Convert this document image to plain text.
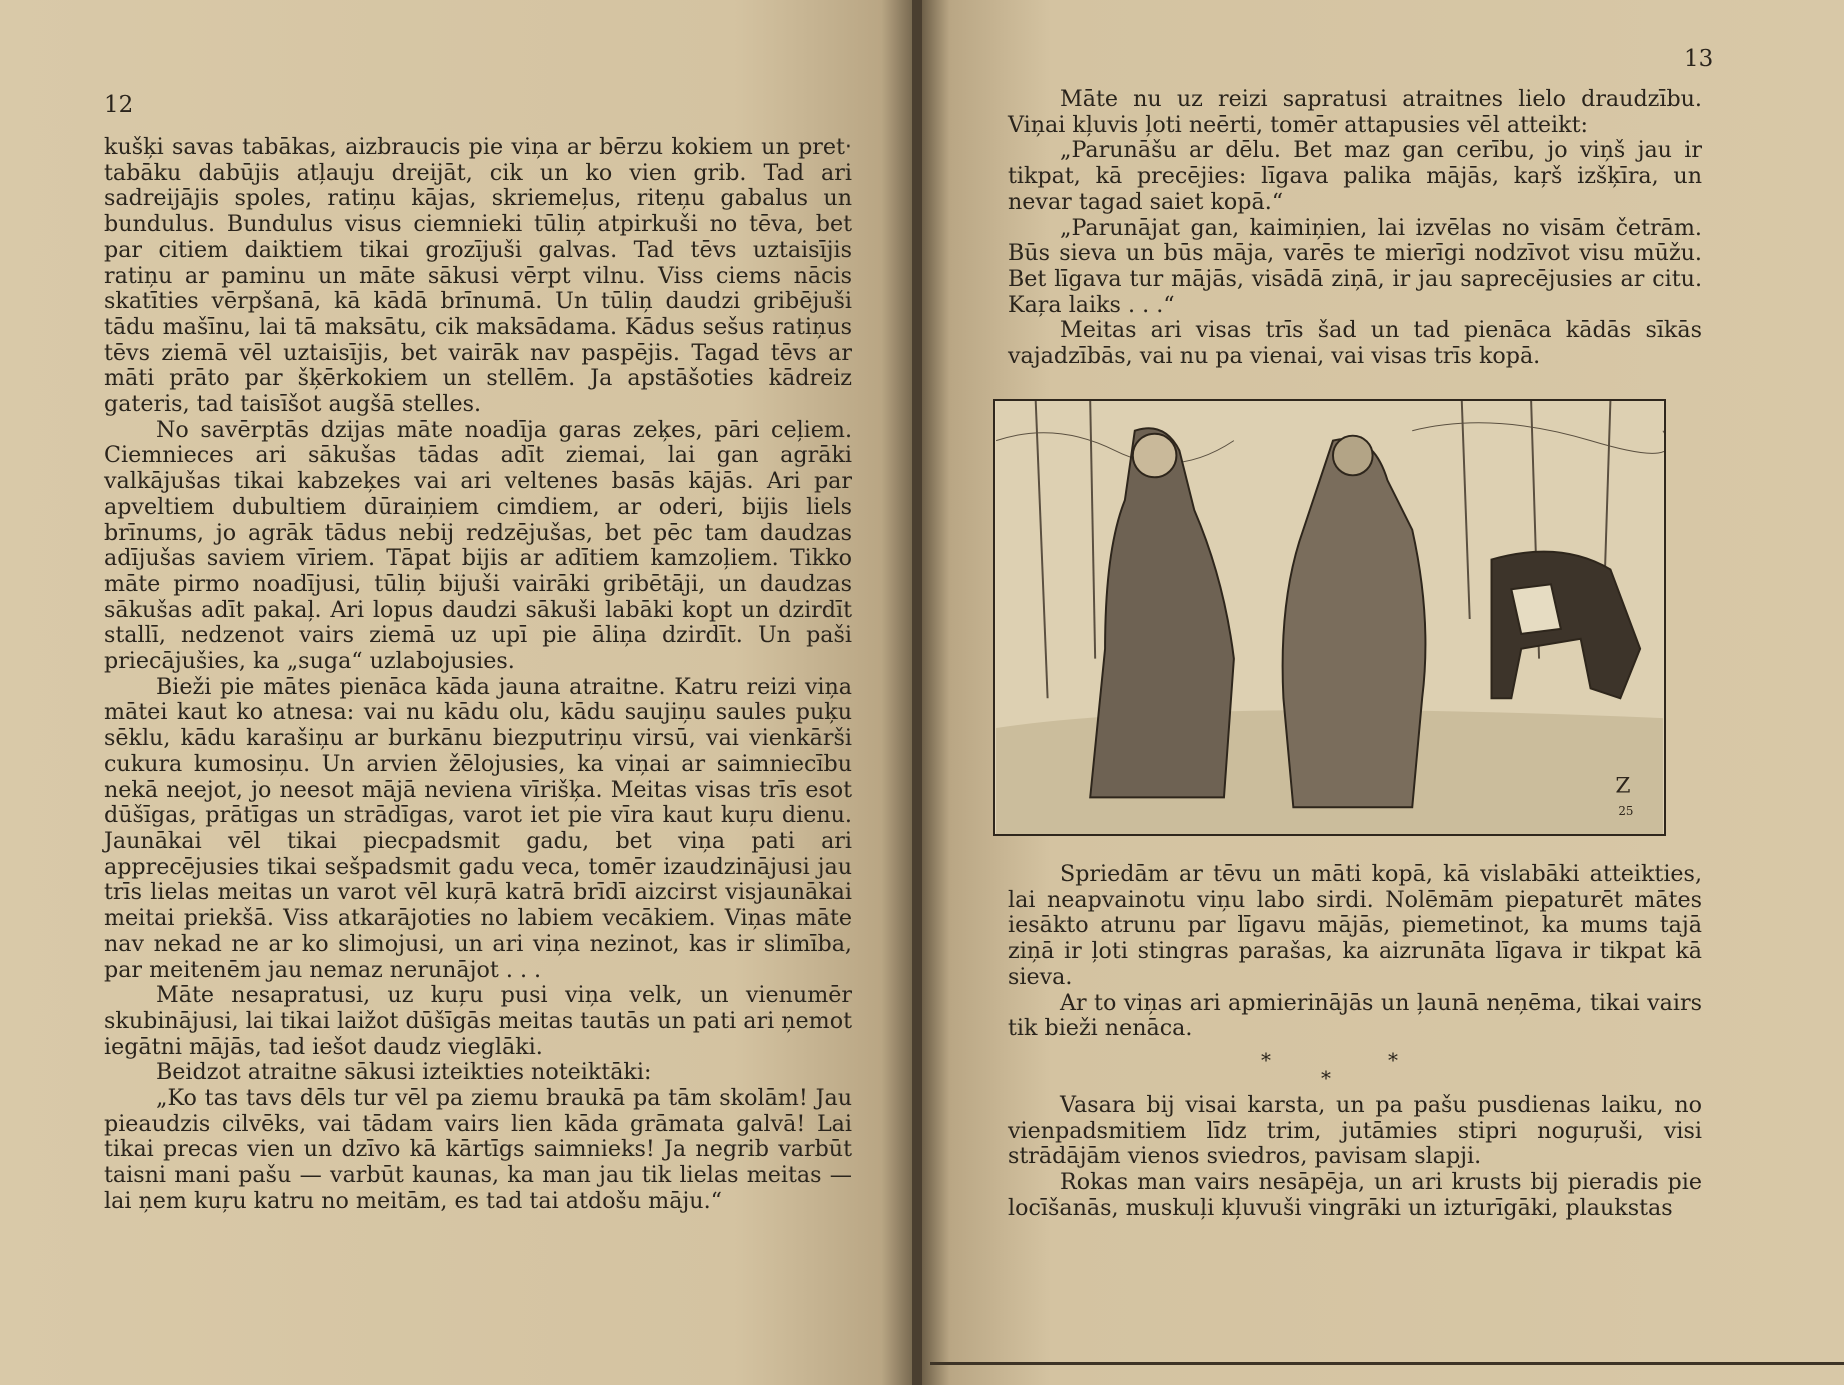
12

kušķi savas tabākas, aizbraucis pie viņa ar bērzu kokiem un pret‧tabāku dabūjis atļauju dreijāt, cik un ko vien grib. Tad ari sadreijājis spoles, ratiņu kājas, skriemeļus, riteņu gabalus un bundulus. Bundulus visus ciemnieki tūliņ atpirkuši no tēva, bet par citiem daiktiem tikai grozījuši galvas. Tad tēvs uztaisījis ratiņu ar paminu un māte sākusi vērpt vilnu. Viss ciems nācis skatīties vērpšanā, kā kādā brīnumā. Un tūliņ daudzi gribējuši tādu mašīnu, lai tā maksātu, cik maksādama. Kādus sešus ratiņus tēvs ziemā vēl uztaisījis, bet vairāk nav paspējis. Tagad tēvs ar māti prāto par šķērkokiem un stellēm. Ja apstāšoties kādreiz gateris, tad taisīšot augšā stelles.

No savērptās dzijas māte noadīja garas zeķes, pāri ceļiem. Ciemnieces ari sākušas tādas adīt ziemai, lai gan agrāki valkājušas tikai kabzeķes vai ari veltenes basās kājās. Ari par apveltiem dubultiem dūraiņiem cimdiem, ar oderi, bijis liels brīnums, jo agrāk tādus nebij redzējušas, bet pēc tam daudzas adījušas saviem vīriem. Tāpat bijis ar adītiem kamzoļiem. Tikko māte pirmo noadījusi, tūliņ bijuši vairāki gribētāji, un daudzas sākušas adīt pakaļ. Ari lopus daudzi sākuši labāki kopt un dzirdīt stallī, nedzenot vairs ziemā uz upī pie āliņa dzirdīt. Un paši priecājušies, ka „suga“ uzlabojusies.

Bieži pie mātes pienāca kāda jauna atraitne. Katru reizi viņa mātei kaut ko atnesa: vai nu kādu olu, kādu saujiņu saules puķu sēklu, kādu karašiņu ar burkānu biezputriņu virsū, vai vienkārši cukura kumosiņu. Un arvien žēlojusies, ka viņai ar saimniecību nekā neejot, jo neesot mājā neviena vīrišķa. Meitas visas trīs esot dūšīgas, prātīgas un strādīgas, varot iet pie vīra kaut kuŗu dienu. Jaunākai vēl tikai piecpadsmit gadu, bet viņa pati ari apprecējusies tikai sešpadsmit gadu veca, tomēr izaudzinājusi jau trīs lielas meitas un varot vēl kuŗā katrā brīdī aizcirst visjaunākai meitai priekšā. Viss atkarājoties no labiem vecākiem. Viņas māte nav nekad ne ar ko slimojusi, un ari viņa nezinot, kas ir slimība, par meitenēm jau nemaz nerunājot . . .

Māte nesapratusi, uz kuŗu pusi viņa velk, un vienumēr skubinājusi, lai tikai laižot dūšīgās meitas tautās un pati ari ņemot iegātni mājās, tad iešot daudz vieglāki.

Beidzot atraitne sākusi izteikties noteiktāki:

„Ko tas tavs dēls tur vēl pa ziemu braukā pa tām skolām! Jau pieaudzis cilvēks, vai tādam vairs lien kāda grāmata galvā! Lai tikai precas vien un dzīvo kā kārtīgs saimnieks! Ja negrib varbūt taisni mani pašu — varbūt kaunas, ka man jau tik lielas meitas — lai ņem kuŗu katru no meitām, es tad tai atdošu māju.“

13

Māte nu uz reizi sapratusi atraitnes lielo draudzību. Viņai kļuvis ļoti neērti, tomēr attapusies vēl atteikt:

„Parunāšu ar dēlu. Bet maz gan cerību, jo viņš jau ir tikpat, kā precējies: līgava palika mājās, kaŗš izšķīra, un nevar tagad saiet kopā.“

„Parunājat gan, kaimiņien, lai izvēlas no visām četrām. Būs sieva un būs māja, varēs te mierīgi nodzīvot visu mūžu. Bet līgava tur mājās, visādā ziņā, ir jau saprecējusies ar citu. Kaŗa laiks . . .“

Meitas ari visas trīs šad un tad pienāca kādās sīkās vajadzībās, vai nu pa vienai, vai visas trīs kopā.

Z
25

Spriedām ar tēvu un māti kopā, kā vislabāki atteikties, lai neapvainotu viņu labo sirdi. Nolēmām piepaturēt mātes iesākto atrunu par līgavu mājās, piemetinot, ka mums tajā ziņā ir ļoti stingras parašas, ka aizrunāta līgava ir tikpat kā sieva.

Ar to viņas ari apmierinājās un ļaunā neņēma, tikai vairs tik bieži nenāca.

*	*
*

Vasara bij visai karsta, un pa pašu pusdienas laiku, no vienpadsmitiem līdz trim, jutāmies stipri noguŗuši, visi strādājām vienos sviedros, pavisam slapji.

Rokas man vairs nesāpēja, un ari krusts bij pieradis pie locīšanās, muskuļi kļuvuši vingrāki un izturīgāki, plaukstas
